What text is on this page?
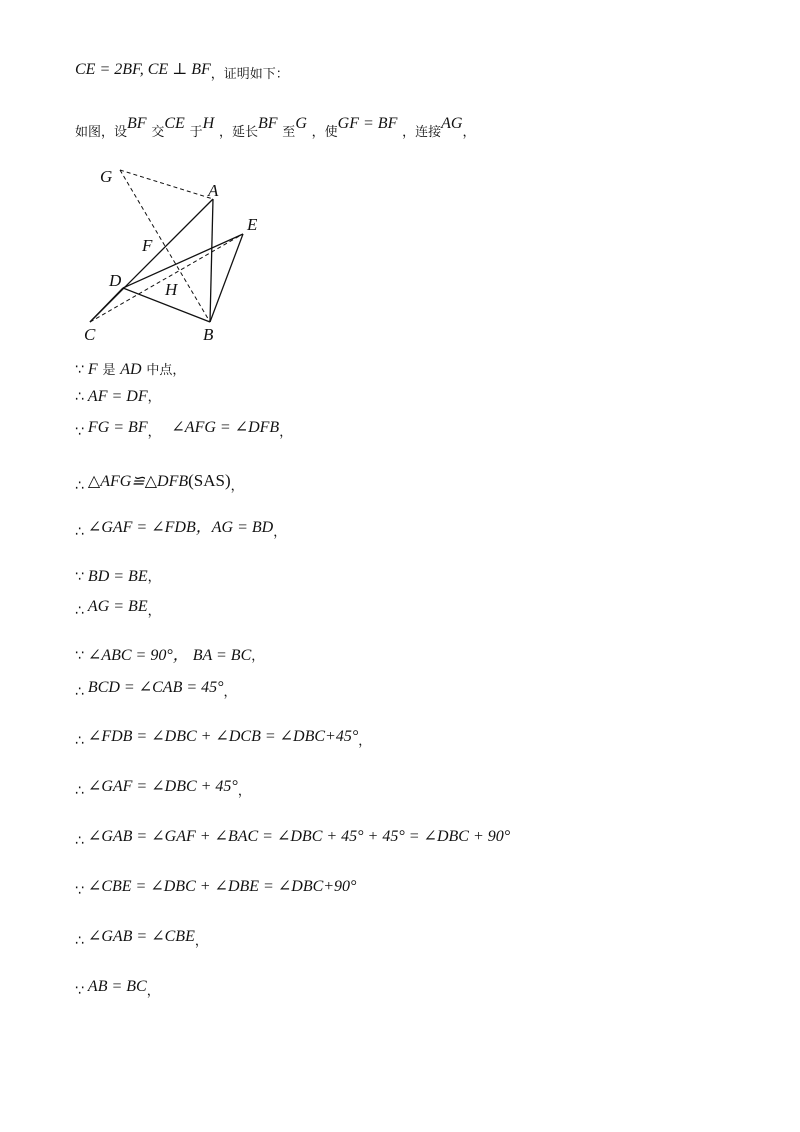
CE = 2BF, CE ⊥ BF，证明如下：
如图，设BF 交CE 于H ，延长BF 至G ，使GF = BF ，连接AG，
G
A
E
F
D	H
C	B
∵ F 是 AD 中点，
∴ AF = DF，
∵ FG = BF， ∠AFG = ∠DFB，
∴ △AFG≌△DFB(SAS)，
∴ ∠GAF = ∠FDB，AG = BD，
∵ BD = BE，
∴ AG = BE，
∵ ∠ABC = 90°， BA = BC，
∴ BCD = ∠CAB = 45°，
∴ ∠FDB = ∠DBC + ∠DCB = ∠DBC+45°，
∴ ∠GAF = ∠DBC + 45°，
∴ ∠GAB = ∠GAF + ∠BAC = ∠DBC + 45° + 45° = ∠DBC + 90°
∵ ∠CBE = ∠DBC + ∠DBE = ∠DBC+90°
∴ ∠GAB = ∠CBE，
∵ AB = BC，
